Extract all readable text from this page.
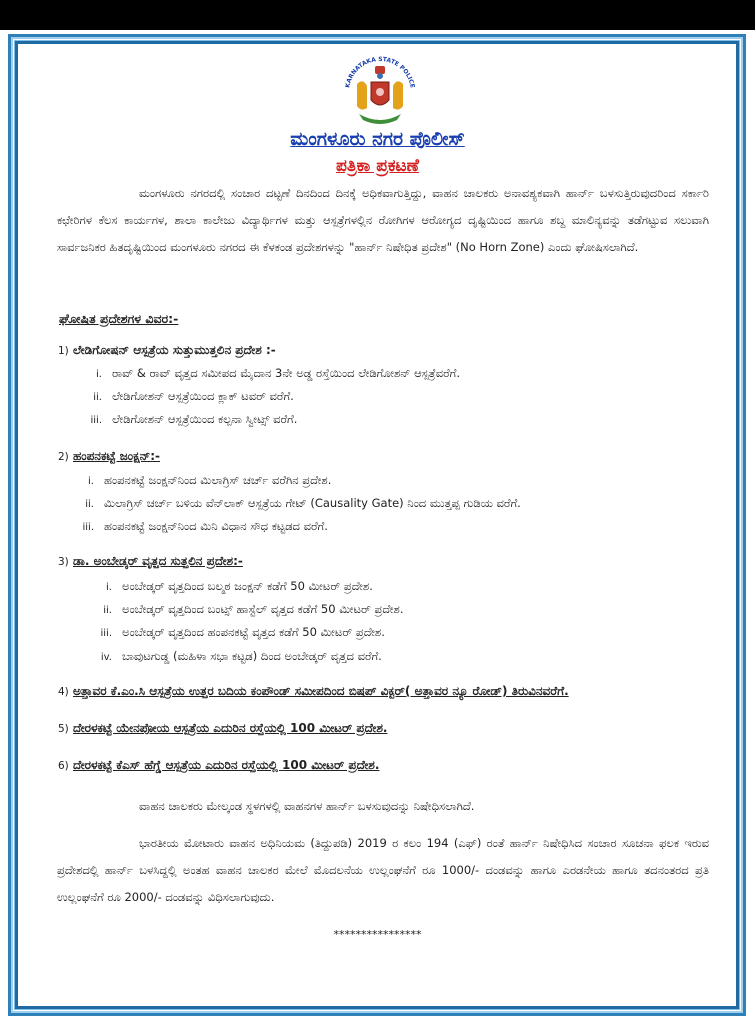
KARNATAKA STATE POLICE
ಮಂಗಳೂರು ನಗರ ಪೊಲೀಸ್
ಪತ್ರಿಕಾ ಪ್ರಕಟಣೆ
ಮಂಗಳೂರು ನಗರದಲ್ಲಿ ಸಂಚಾರ ದಟ್ಟಣೆ ದಿನದಿಂದ ದಿನಕ್ಕೆ ಅಧಿಕವಾಗುತ್ತಿದ್ದು, ವಾಹನ ಚಾಲಕರು ಅನಾವಶ್ಯಕವಾಗಿ ಹಾರ್ನ್ ಬಳಸುತ್ತಿರುವುದರಿಂದ ಸರ್ಕಾರಿ ಕಛೇರಿಗಳ ಕೆಲಸ ಕಾರ್ಯಗಳ, ಶಾಲಾ ಕಾಲೇಜು ವಿದ್ಯಾರ್ಥಿಗಳ ಮತ್ತು ಆಸ್ಪತ್ರೆಗಳಲ್ಲಿನ ರೋಗಿಗಳ ಆರೋಗ್ಯದ ದೃಷ್ಟಿಯಿಂದ ಹಾಗೂ ಶಬ್ದ ಮಾಲಿನ್ಯವನ್ನು ತಡೆಗಟ್ಟುವ ಸಲುವಾಗಿ ಸಾರ್ವಜನಿಕರ ಹಿತದೃಷ್ಟಿಯಿಂದ ಮಂಗಳೂರು ನಗರದ ಈ ಕೆಳಕಂಡ ಪ್ರದೇಶಗಳನ್ನು "ಹಾರ್ನ್ ನಿಷೇಧಿತ ಪ್ರದೇಶ" (No Horn Zone) ಎಂದು ಘೋಷಿಸಲಾಗಿದೆ.
ಘೋಷಿತ ಪ್ರದೇಶಗಳ ವಿವರ:-
1) ಲೇಡಿಗೋಷನ್ ಆಸ್ಪತ್ರೆಯ ಸುತ್ತುಮುತ್ತಲಿನ ಪ್ರದೇಶ :-
i. ರಾವ್ & ರಾವ್ ವೃತ್ತದ ಸಮೀಪದ ಮೈದಾನ 3ನೇ ಅಡ್ಡ ರಸ್ತೆಯಿಂದ ಲೇಡಿಗೋಶನ್ ಆಸ್ಪತ್ರೆವರೆಗೆ.
ii. ಲೇಡಿಗೋಶನ್ ಆಸ್ಪತ್ರೆಯಿಂದ ಕ್ಲಾಕ್ ಟವರ್ ವರೆಗೆ.
iii. ಲೇಡಿಗೋಶನ್ ಆಸ್ಪತ್ರೆಯಿಂದ ಕಲ್ಪನಾ ಸ್ವೀಟ್ಸ್ ವರೆಗೆ.
2) ಹಂಪನಕಟ್ಟೆ ಜಂಕ್ಷನ್:-
i. ಹಂಪನಕಟ್ಟೆ ಜಂಕ್ಷನ್‌ನಿಂದ ಮಿಲಾಗ್ರಿಸ್ ಚರ್ಚ್ ವರೆಗಿನ ಪ್ರದೇಶ.
ii. ಮಿಲಾಗ್ರಿಸ್ ಚರ್ಚ್ ಬಳಿಯ ವೆನ್‌ಲಾಕ್ ಆಸ್ಪತ್ರೆಯ ಗೇಟ್ (Causality Gate) ನಿಂದ ಮುತ್ತಪ್ಪ ಗುಡಿಯ ವರೆಗೆ.
iii. ಹಂಪನಕಟ್ಟೆ ಜಂಕ್ಷನ್‌ನಿಂದ ಮಿನಿ ವಿಧಾನ ಸೌಧ ಕಟ್ಟಡದ ವರೆಗೆ.
3) ಡಾ. ಅಂಬೇಡ್ಕರ್ ವೃತ್ತದ ಸುತ್ತಲಿನ ಪ್ರದೇಶ:-
i. ಅಂಬೇಡ್ಕರ್ ವೃತ್ತದಿಂದ ಬಲ್ಮಠ ಜಂಕ್ಷನ್ ಕಡೆಗೆ 50 ಮೀಟರ್ ಪ್ರದೇಶ.
ii. ಅಂಬೇಡ್ಕರ್ ವೃತ್ತದಿಂದ ಬಂಟ್ಸ್ ಹಾಸ್ಟೆಲ್ ವೃತ್ತದ ಕಡೆಗೆ 50 ಮೀಟರ್ ಪ್ರದೇಶ.
iii. ಅಂಬೇಡ್ಕರ್ ವೃತ್ತದಿಂದ ಹಂಪನಕಟ್ಟೆ ವೃತ್ತದ ಕಡೆಗೆ 50 ಮೀಟರ್ ಪ್ರದೇಶ.
iv. ಬಾವುಟಗುಡ್ಡ (ಮಹಿಳಾ ಸಭಾ ಕಟ್ಟಡ) ದಿಂದ ಅಂಬೇಡ್ಕರ್ ವೃತ್ತದ ವರೆಗೆ.
4) ಅತ್ತಾವರ ಕೆ.ಎಂ.ಸಿ ಆಸ್ಪತ್ರೆಯ ಉತ್ತರ ಬದಿಯ ಕಂಪೌಂಡ್ ಸಮೀಪದಿಂದ ಬಿಷಪ್ ವಿಕ್ಟರ್( ಅತ್ತಾವರ ನ್ಯೂ ರೋಡ್) ತಿರುವಿನವರೆಗೆ.
5) ದೇರಳಕಟ್ಟೆ ಯೇನಪೋಯ ಆಸ್ಪತ್ರೆಯ ಎದುರಿನ ರಸ್ತೆಯಲ್ಲಿ 100 ಮೀಟರ್ ಪ್ರದೇಶ.
6) ದೇರಳಕಟ್ಟೆ ಕೆಎಸ್ ಹೆಗ್ಡೆ ಆಸ್ಪತ್ರೆಯ ಎದುರಿನ ರಸ್ತೆಯಲ್ಲಿ 100 ಮೀಟರ್ ಪ್ರದೇಶ.
ವಾಹನ ಚಾಲಕರು ಮೇಲ್ಕಂಡ ಸ್ಥಳಗಳಲ್ಲಿ ವಾಹನಗಳ ಹಾರ್ನ್ ಬಳಸುವುದನ್ನು ನಿಷೇಧಿಸಲಾಗಿದೆ.
ಭಾರತೀಯ ಮೋಟಾರು ವಾಹನ ಅಧಿನಿಯಮ (ತಿದ್ದುಪಡಿ) 2019 ರ ಕಲಂ 194 (ಎಫ್) ರಂತೆ ಹಾರ್ನ್ ನಿಷೇಧಿಸಿದ ಸಂಚಾರ ಸೂಚನಾ ಫಲಕ ಇರುವ ಪ್ರದೇಶದಲ್ಲಿ ಹಾರ್ನ್ ಬಳಸಿದ್ದಲ್ಲಿ ಅಂತಹ ವಾಹನ ಚಾಲಕರ ಮೇಲೆ ಮೊದಲನೆಯ ಉಲ್ಲಂಘನೆಗೆ ರೂ 1000/- ದಂಡವನ್ನು ಹಾಗೂ ಎರಡನೇಯ ಹಾಗೂ ತದನಂತರದ ಪ್ರತಿ ಉಲ್ಲಂಘನೆಗೆ ರೂ 2000/- ದಂಡವನ್ನು ವಿಧಿಸಲಾಗುವುದು.
****************
